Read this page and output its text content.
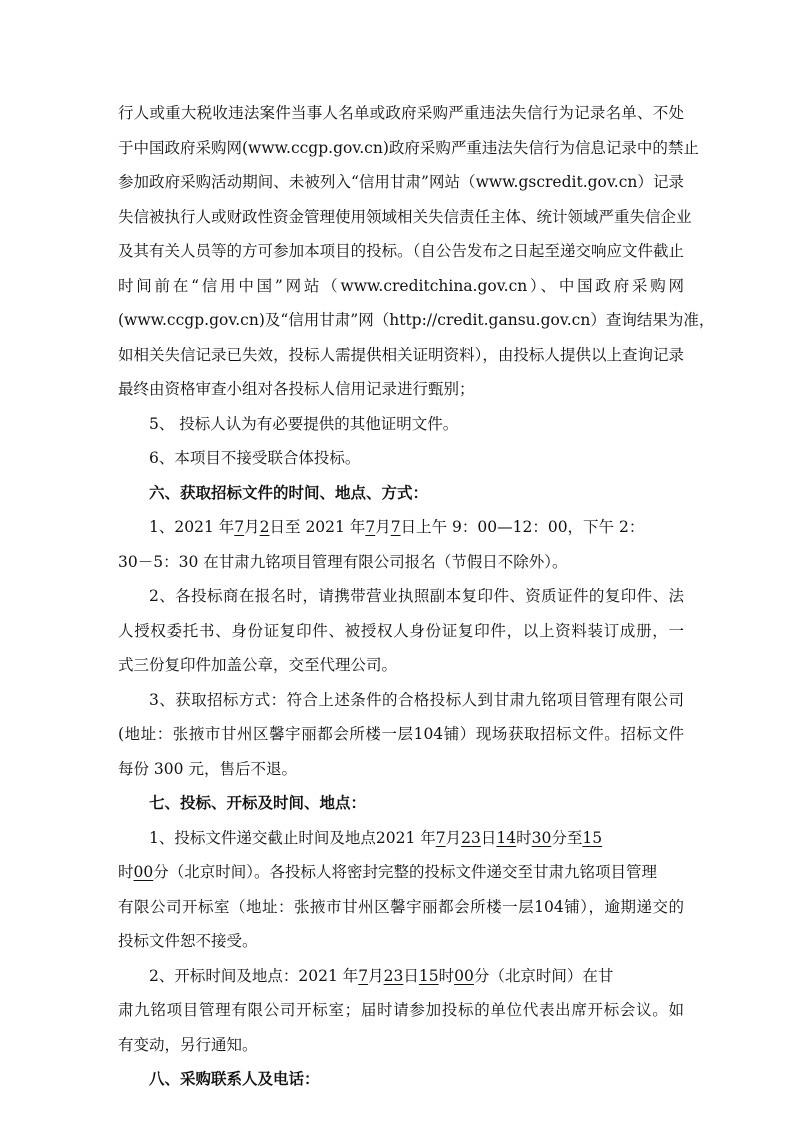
行人或重大税收违法案件当事人名单或政府采购严重违法失信行为记录名单、不处
于中国政府采购网(www.ccgp.gov.cn)政府采购严重违法失信行为信息记录中的禁止
参加政府采购活动期间、未被列入“信用甘肃”网站（www.gscredit.gov.cn）记录
失信被执行人或财政性资金管理使用领域相关失信责任主体、统计领域严重失信企业
及其有关人员等的方可参加本项目的投标。（自公告发布之日起至递交响应文件截止
时间前在“信用中国”网站（www.creditchina.gov.cn）、中国政府采购网
(www.ccgp.gov.cn)及“信用甘肃”网（http://credit.gansu.gov.cn）查询结果为准，
如相关失信记录已失效，投标人需提供相关证明资料），由投标人提供以上查询记录
最终由资格审查小组对各投标人信用记录进行甄别；
5、 投标人认为有必要提供的其他证明文件。
6、本项目不接受联合体投标。
六、获取招标文件的时间、地点、方式：
1、2021 年7月2日至 2021 年7月7日上午 9：00—12：00，下午 2：
30－5：30 在甘肃九铭项目管理有限公司报名（节假日不除外）。
2、各投标商在报名时，请携带营业执照副本复印件、资质证件的复印件、法
人授权委托书、身份证复印件、被授权人身份证复印件，以上资料装订成册，一
式三份复印件加盖公章，交至代理公司。
3、获取招标方式：符合上述条件的合格投标人到甘肃九铭项目管理有限公司
(地址：张掖市甘州区馨宇丽都会所楼一层104铺）现场获取招标文件。招标文件
每份 300 元，售后不退。
七、投标、开标及时间、地点：
1、投标文件递交截止时间及地点2021 年7月23日14时30分至15
时00分（北京时间）。各投标人将密封完整的投标文件递交至甘肃九铭项目管理
有限公司开标室（地址：张掖市甘州区馨宇丽都会所楼一层104铺），逾期递交的
投标文件恕不接受。
2、开标时间及地点：2021 年7月23日15时00分（北京时间）在甘
肃九铭项目管理有限公司开标室；届时请参加投标的单位代表出席开标会议。如
有变动，另行通知。
八、采购联系人及电话：
